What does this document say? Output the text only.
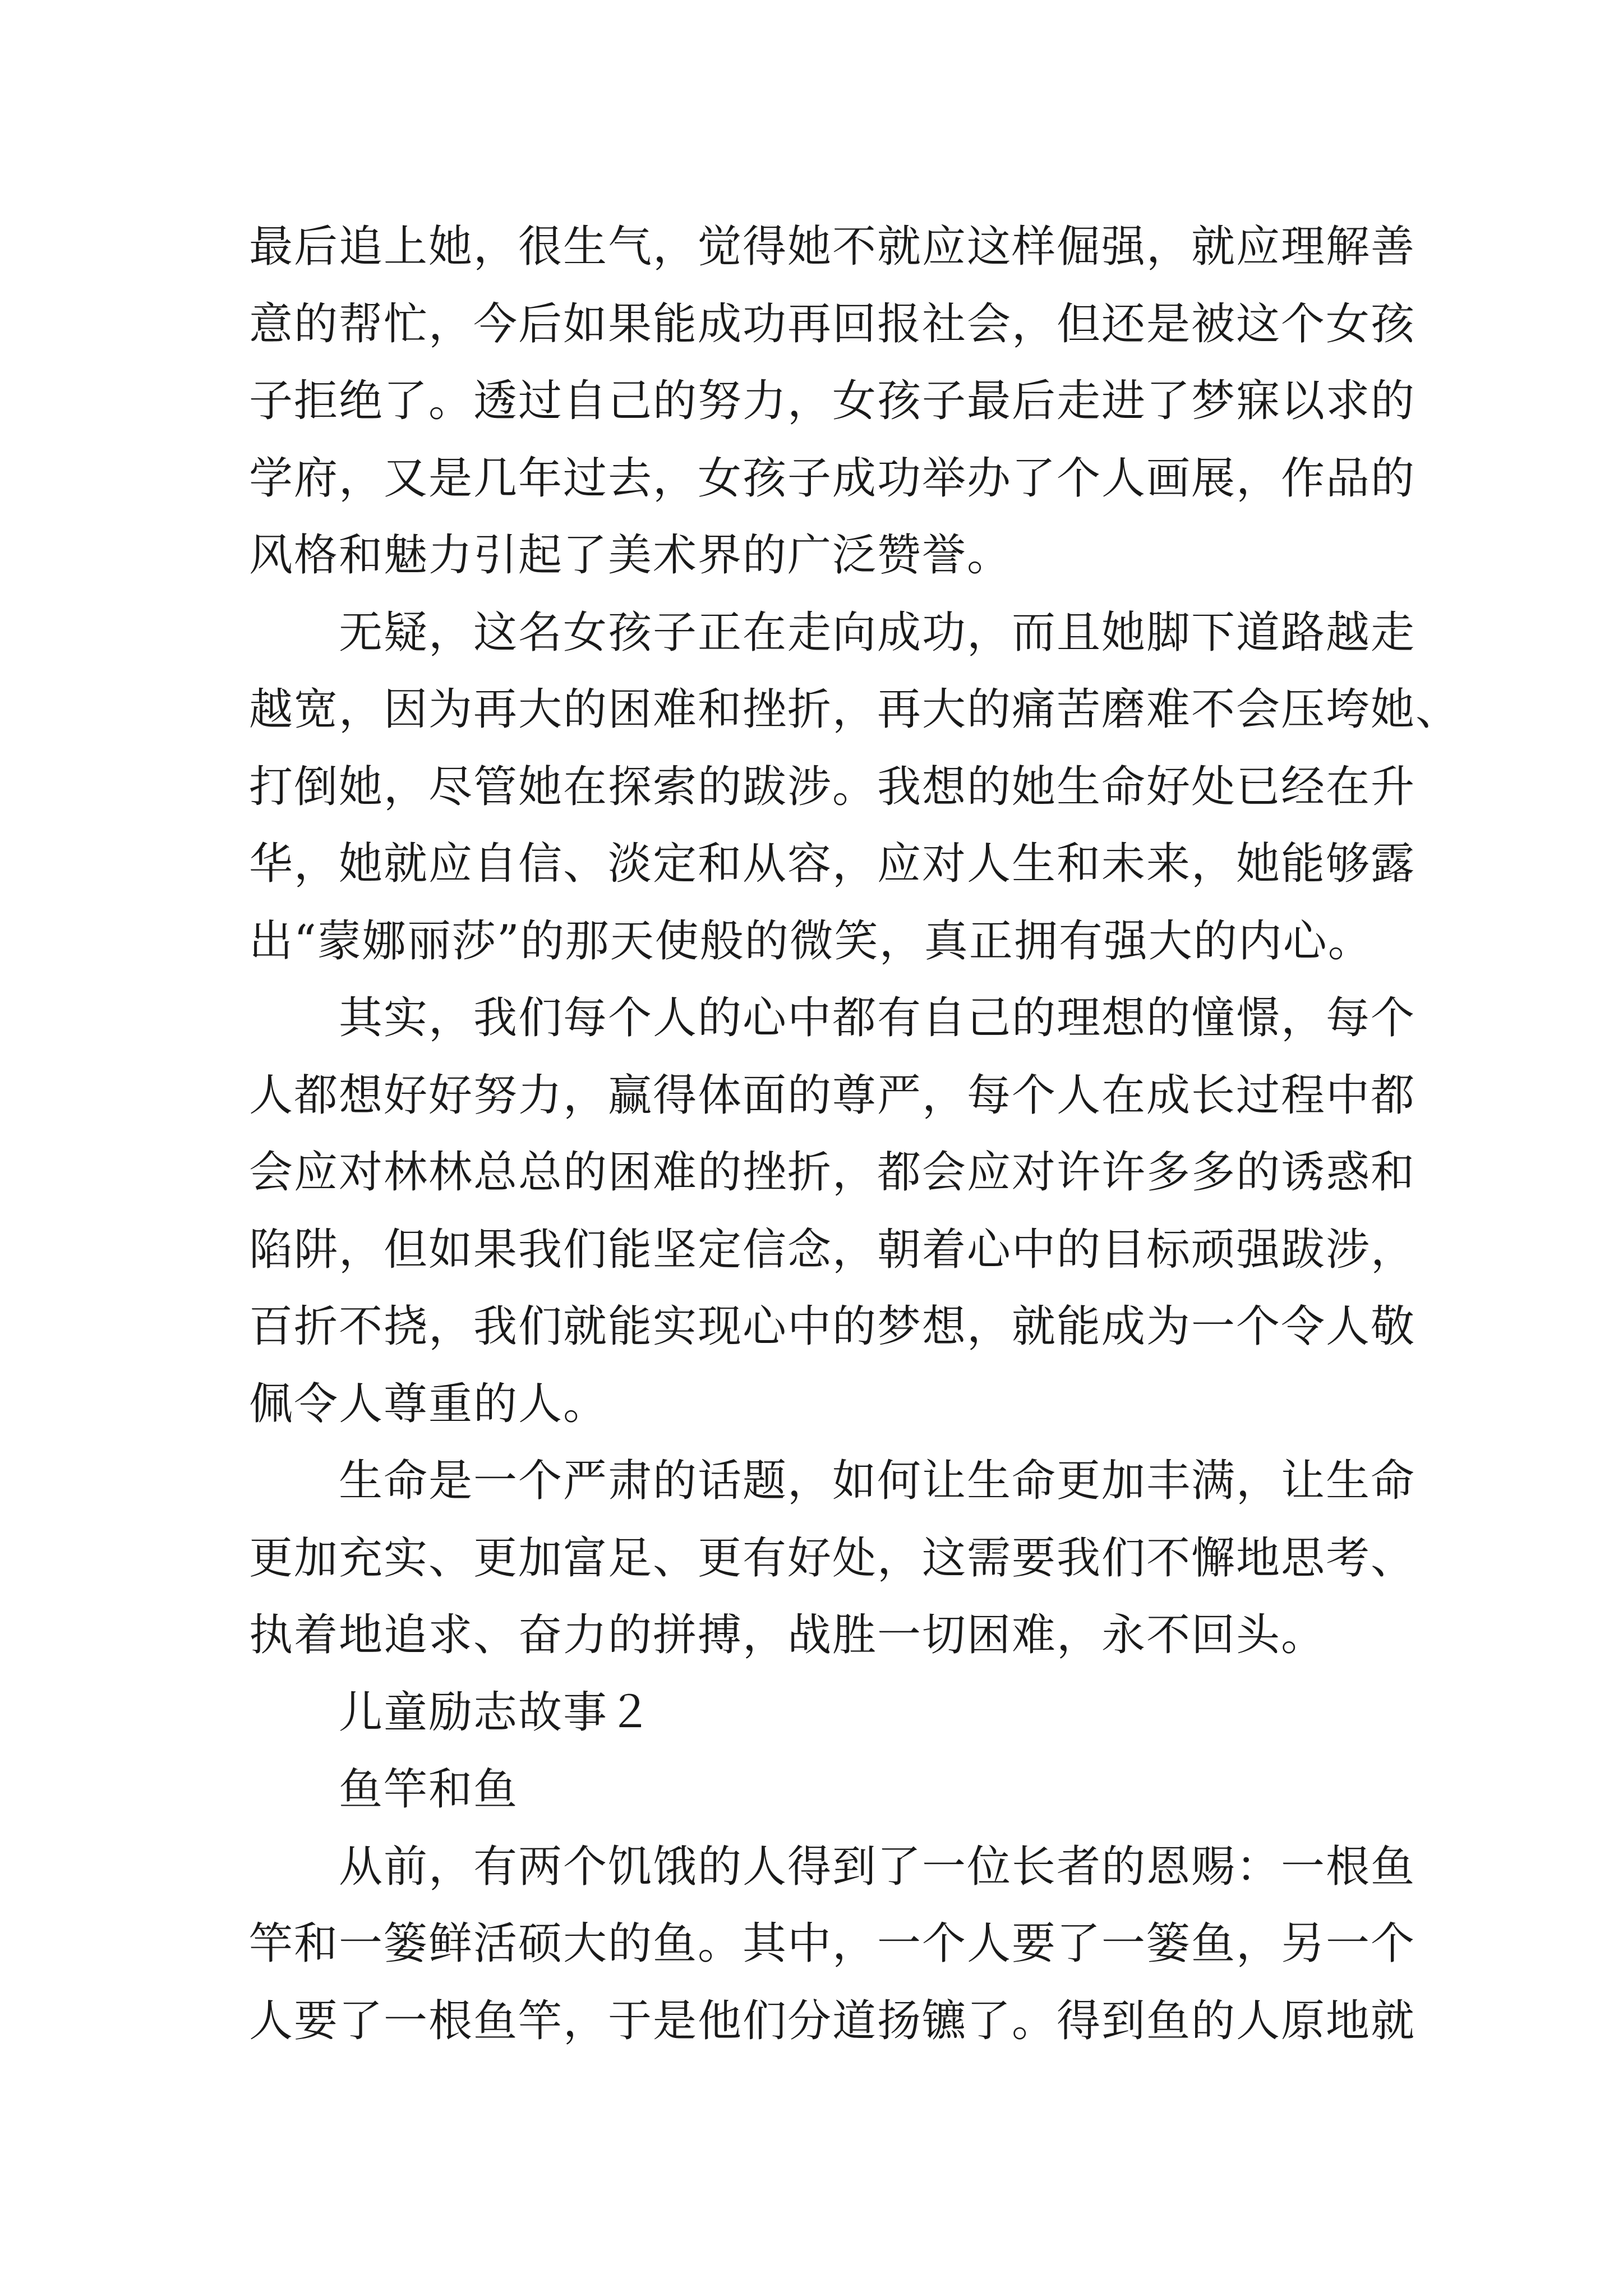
最后追上她，很生气，觉得她不就应这样倔强，就应理解善
意的帮忙，今后如果能成功再回报社会，但还是被这个女孩
子拒绝了。透过自己的努力，女孩子最后走进了梦寐以求的
学府，又是几年过去，女孩子成功举办了个人画展，作品的
风格和魅力引起了美术界的广泛赞誉。
无疑，这名女孩子正在走向成功，而且她脚下道路越走
越宽，因为再大的困难和挫折，再大的痛苦磨难不会压垮她、
打倒她，尽管她在探索的跋涉。我想的她生命好处已经在升
华，她就应自信、淡定和从容，应对人生和未来，她能够露
出“蒙娜丽莎”的那天使般的微笑，真正拥有强大的内心。
其实，我们每个人的心中都有自己的理想的憧憬，每个
人都想好好努力，赢得体面的尊严，每个人在成长过程中都
会应对林林总总的困难的挫折，都会应对许许多多的诱惑和
陷阱，但如果我们能坚定信念，朝着心中的目标顽强跋涉，
百折不挠，我们就能实现心中的梦想，就能成为一个令人敬
佩令人尊重的人。
生命是一个严肃的话题，如何让生命更加丰满，让生命
更加充实、更加富足、更有好处，这需要我们不懈地思考、
执着地追求、奋力的拼搏，战胜一切困难，永不回头。
儿童励志故事２
鱼竿和鱼
从前，有两个饥饿的人得到了一位长者的恩赐：一根鱼
竿和一篓鲜活硕大的鱼。其中，一个人要了一篓鱼，另一个
人要了一根鱼竿，于是他们分道扬镳了。得到鱼的人原地就
